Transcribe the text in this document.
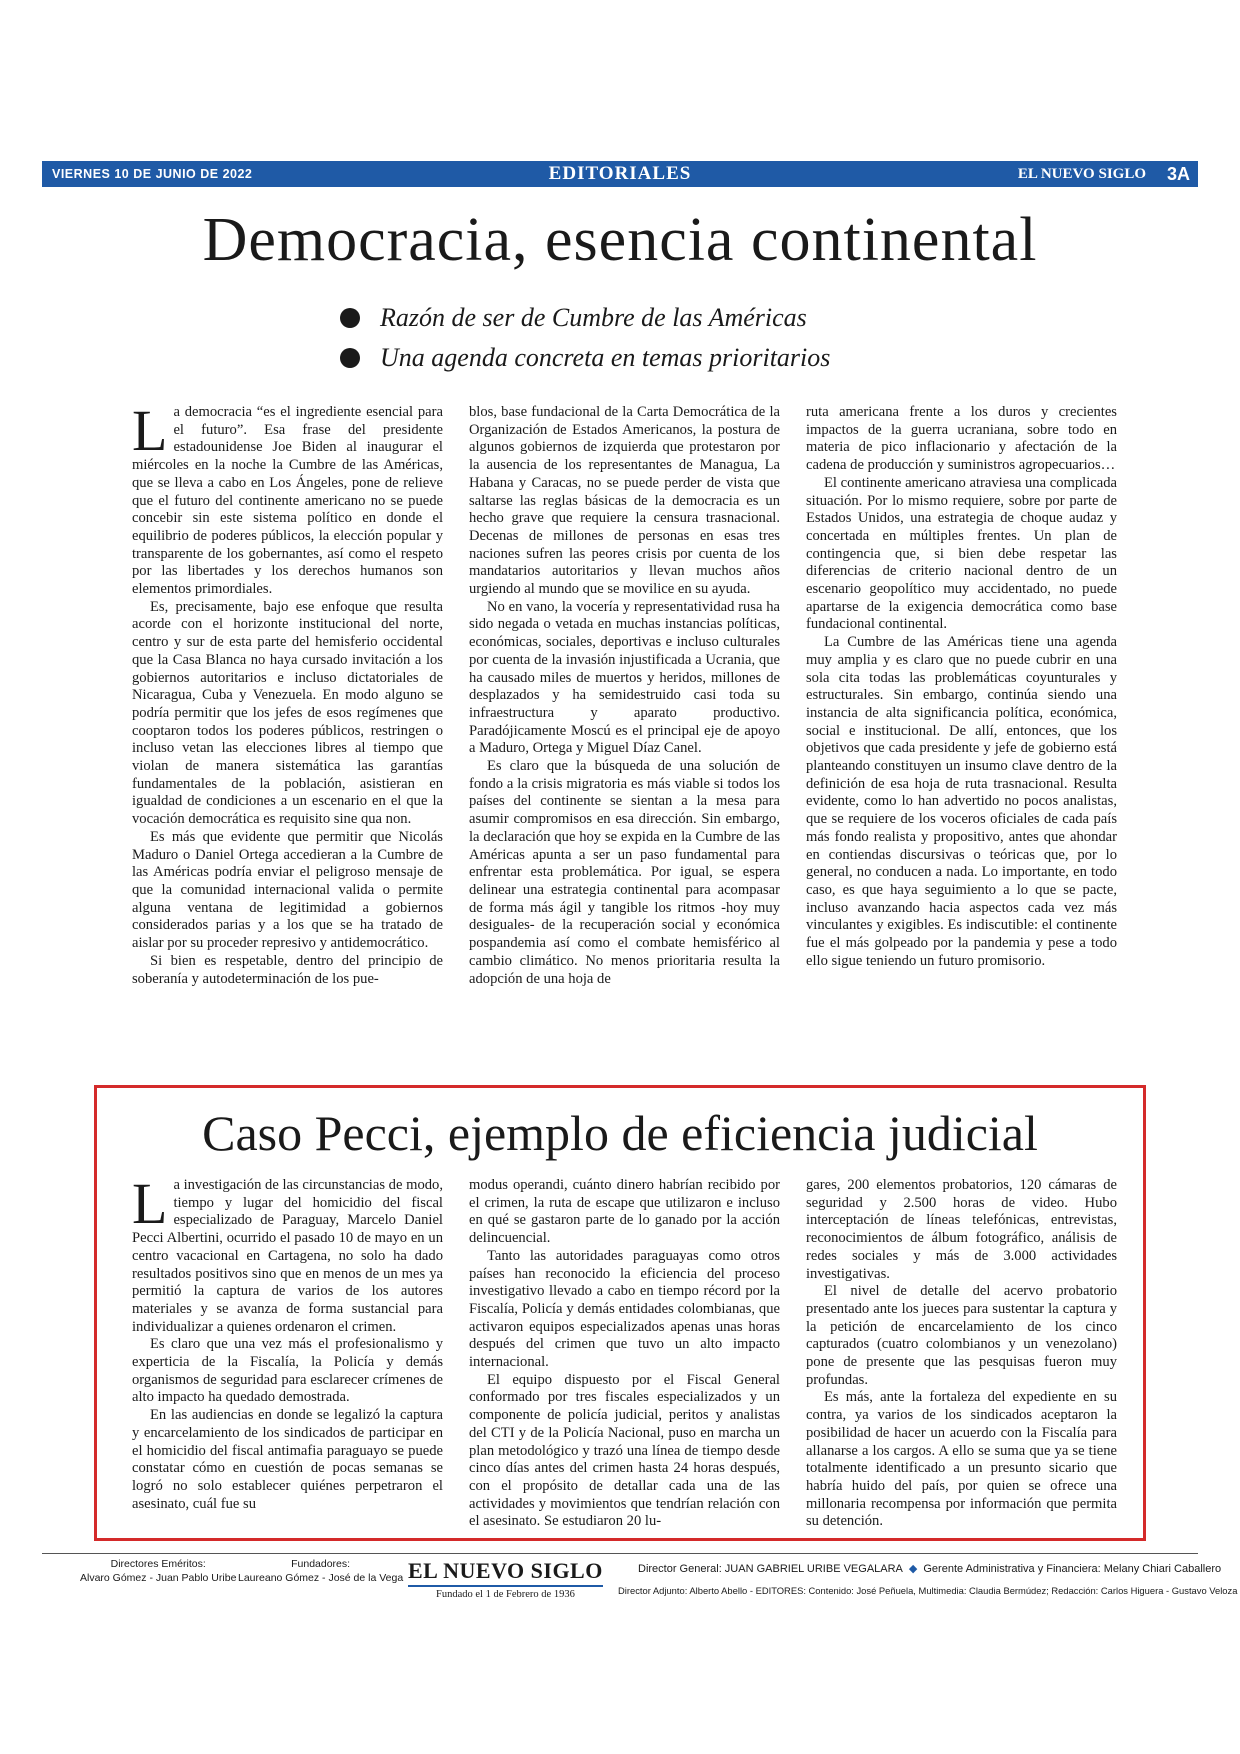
VIERNES 10 DE JUNIO DE 2022	EDITORIALES	EL NUEVO SIGLO 3A
Democracia, esencia continental
Razón de ser de Cumbre de las Américas
Una agenda concreta en temas prioritarios

La democracia “es el ingrediente esencial para el futuro”. Esa frase del presidente estadounidense Joe Biden al inaugurar el miércoles en la noche la Cumbre de las Américas, que se lleva a cabo en Los Ángeles, pone de relieve que el futuro del continente americano no se puede concebir sin este sistema político en donde el equilibrio de poderes públicos, la elección popular y transparente de los gobernantes, así como el respeto por las libertades y los derechos humanos son elementos primordiales.

Es, precisamente, bajo ese enfoque que resulta acorde con el horizonte institucional del norte, centro y sur de esta parte del hemisferio occidental que la Casa Blanca no haya cursado invitación a los gobiernos autoritarios e incluso dictatoriales de Nicaragua, Cuba y Venezuela. En modo alguno se podría permitir que los jefes de esos regímenes que cooptaron todos los poderes públicos, restringen o incluso vetan las elecciones libres al tiempo que violan de manera sistemática las garantías fundamentales de la población, asistieran en igualdad de condiciones a un escenario en el que la vocación democrática es requisito sine qua non.

Es más que evidente que permitir que Nicolás Maduro o Daniel Ortega accedieran a la Cumbre de las Américas podría enviar el peligroso mensaje de que la comunidad internacional valida o permite alguna ventana de legitimidad a gobiernos considerados parias y a los que se ha tratado de aislar por su proceder represivo y antidemocrático.

Si bien es respetable, dentro del principio de soberanía y autodeterminación de los pue-

blos, base fundacional de la Carta Democrática de la Organización de Estados Americanos, la postura de algunos gobiernos de izquierda que protestaron por la ausencia de los representantes de Managua, La Habana y Caracas, no se puede perder de vista que saltarse las reglas básicas de la democracia es un hecho grave que requiere la censura trasnacional. Decenas de millones de personas en esas tres naciones sufren las peores crisis por cuenta de los mandatarios autoritarios y llevan muchos años urgiendo al mundo que se movilice en su ayuda.

No en vano, la vocería y representatividad rusa ha sido negada o vetada en muchas instancias políticas, económicas, sociales, deportivas e incluso culturales por cuenta de la invasión injustificada a Ucrania, que ha causado miles de muertos y heridos, millones de desplazados y ha semidestruido casi toda su infraestructura y aparato productivo. Paradójicamente Moscú es el principal eje de apoyo a Maduro, Ortega y Miguel Díaz Canel.

Es claro que la búsqueda de una solución de fondo a la crisis migratoria es más viable si todos los países del continente se sientan a la mesa para asumir compromisos en esa dirección. Sin embargo, la declaración que hoy se expida en la Cumbre de las Américas apunta a ser un paso fundamental para enfrentar esta problemática. Por igual, se espera delinear una estrategia continental para acompasar de forma más ágil y tangible los ritmos -hoy muy desiguales- de la recuperación social y económica pospandemia así como el combate hemisférico al cambio climático. No menos prioritaria resulta la adopción de una hoja de

ruta americana frente a los duros y crecientes impactos de la guerra ucraniana, sobre todo en materia de pico inflacionario y afectación de la cadena de producción y suministros agropecuarios…

El continente americano atraviesa una complicada situación. Por lo mismo requiere, sobre por parte de Estados Unidos, una estrategia de choque audaz y concertada en múltiples frentes. Un plan de contingencia que, si bien debe respetar las diferencias de criterio nacional dentro de un escenario geopolítico muy accidentado, no puede apartarse de la exigencia democrática como base fundacional continental.

La Cumbre de las Américas tiene una agenda muy amplia y es claro que no puede cubrir en una sola cita todas las problemáticas coyunturales y estructurales. Sin embargo, continúa siendo una instancia de alta significancia política, económica, social e institucional. De allí, entonces, que los objetivos que cada presidente y jefe de gobierno está planteando constituyen un insumo clave dentro de la definición de esa hoja de ruta trasnacional. Resulta evidente, como lo han advertido no pocos analistas, que se requiere de los voceros oficiales de cada país más fondo realista y propositivo, antes que ahondar en contiendas discursivas o teóricas que, por lo general, no conducen a nada. Lo importante, en todo caso, es que haya seguimiento a lo que se pacte, incluso avanzando hacia aspectos cada vez más vinculantes y exigibles. Es indiscutible: el continente fue el más golpeado por la pandemia y pese a todo ello sigue teniendo un futuro promisorio.

Caso Pecci, ejemplo de eficiencia judicial

La investigación de las circunstancias de modo, tiempo y lugar del homicidio del fiscal especializado de Paraguay, Marcelo Daniel Pecci Albertini, ocurrido el pasado 10 de mayo en un centro vacacional en Cartagena, no solo ha dado resultados positivos sino que en menos de un mes ya permitió la captura de varios de los autores materiales y se avanza de forma sustancial para individualizar a quienes ordenaron el crimen.

Es claro que una vez más el profesionalismo y experticia de la Fiscalía, la Policía y demás organismos de seguridad para esclarecer crímenes de alto impacto ha quedado demostrada.

En las audiencias en donde se legalizó la captura y encarcelamiento de los sindicados de participar en el homicidio del fiscal antimafia paraguayo se puede constatar cómo en cuestión de pocas semanas se logró no solo establecer quiénes perpetraron el asesinato, cuál fue su

modus operandi, cuánto dinero habrían recibido por el crimen, la ruta de escape que utilizaron e incluso en qué se gastaron parte de lo ganado por la acción delincuencial.

Tanto las autoridades paraguayas como otros países han reconocido la eficiencia del proceso investigativo llevado a cabo en tiempo récord por la Fiscalía, Policía y demás entidades colombianas, que activaron equipos especializados apenas unas horas después del crimen que tuvo un alto impacto internacional.

El equipo dispuesto por el Fiscal General conformado por tres fiscales especializados y un componente de policía judicial, peritos y analistas del CTI y de la Policía Nacional, puso en marcha un plan metodológico y trazó una línea de tiempo desde cinco días antes del crimen hasta 24 horas después, con el propósito de detallar cada una de las actividades y movimientos que tendrían relación con el asesinato. Se estudiaron 20 lu-

gares, 200 elementos probatorios, 120 cámaras de seguridad y 2.500 horas de video. Hubo interceptación de líneas telefónicas, entrevistas, reconocimientos de álbum fotográfico, análisis de redes sociales y más de 3.000 actividades investigativas.

El nivel de detalle del acervo probatorio presentado ante los jueces para sustentar la captura y la petición de encarcelamiento de los cinco capturados (cuatro colombianos y un venezolano) pone de presente que las pesquisas fueron muy profundas.

Es más, ante la fortaleza del expediente en su contra, ya varios de los sindicados aceptaron la posibilidad de hacer un acuerdo con la Fiscalía para allanarse a los cargos. A ello se suma que ya se tiene totalmente identificado a un presunto sicario que habría huido del país, por quien se ofrece una millonaria recompensa por información que permita su detención.

Directores Eméritos:
Alvaro Gómez - Juan Pablo Uribe
Fundadores:
Laureano Gómez - José de la Vega EL NUEVO SIGLO
Fundado el 1 de Febrero de 1936
Director General: JUAN GABRIEL URIBE VEGALARA ◆ Gerente Administrativa y Financiera: Melany Chiari Caballero
Director Adjunto: Alberto Abello - EDITORES: Contenido: José Peñuela, Multimedia: Claudia Bermúdez; Redacción: Carlos Higuera - Gustavo Veloza
